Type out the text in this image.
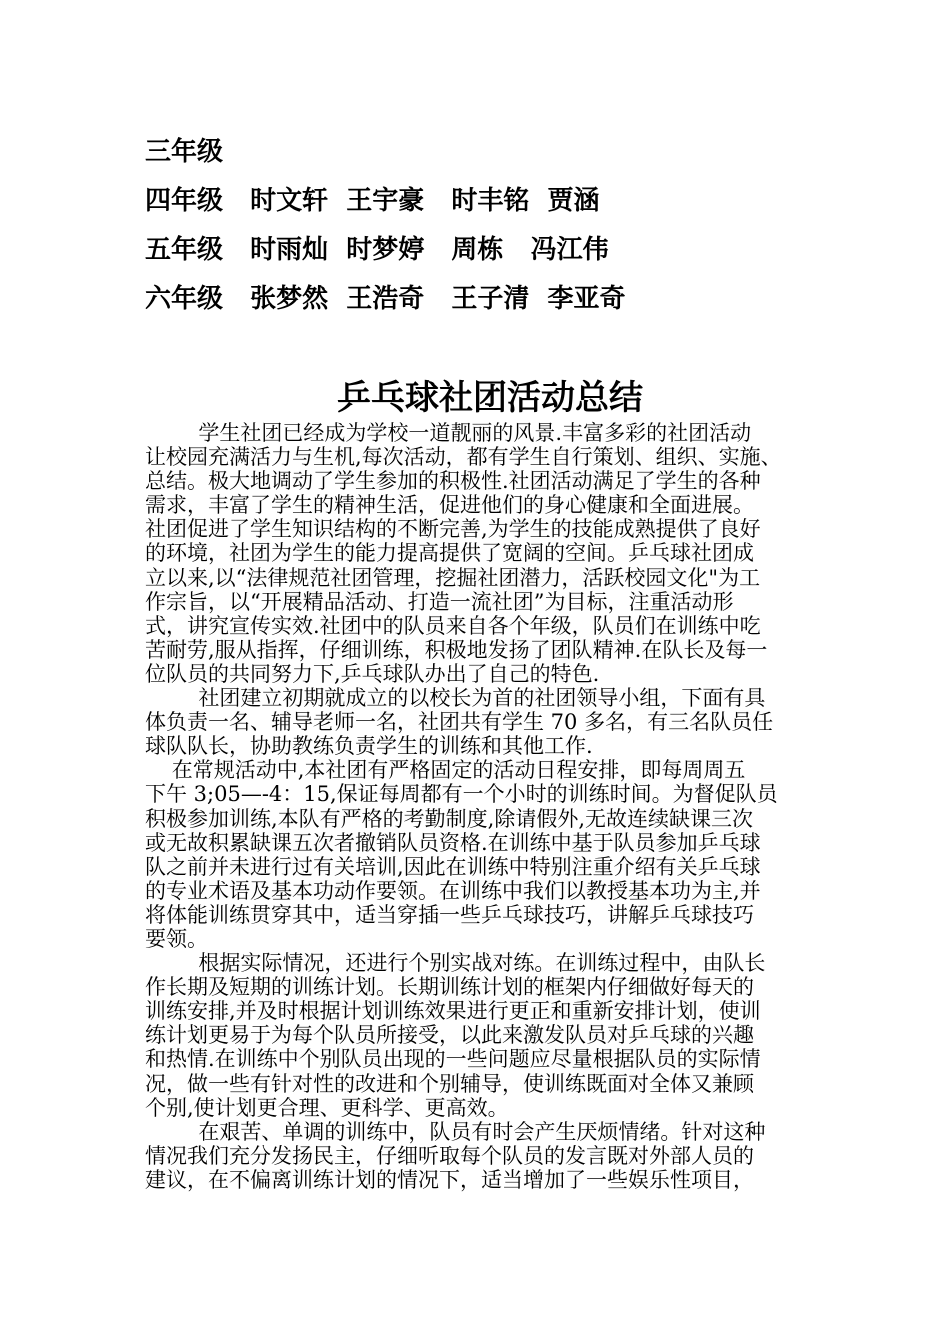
三年级
四年级   时文轩  王宇豪   时丰铭  贾涵
五年级   时雨灿  时梦婷   周栋   冯江伟
六年级   张梦然  王浩奇   王子清  李亚奇
乒乓球社团活动总结
学生社团已经成为学校一道靓丽的风景.丰富多彩的社团活动
让校园充满活力与生机,每次活动，都有学生自行策划、组织、实施、
总结。极大地调动了学生参加的积极性.社团活动满足了学生的各种
需求，丰富了学生的精神生活，促进他们的身心健康和全面进展。
社团促进了学生知识结构的不断完善,为学生的技能成熟提供了良好
的环境，社团为学生的能力提高提供了宽阔的空间。乒乓球社团成
立以来,以“法律规范社团管理，挖掘社团潜力，活跃校园文化"为工
作宗旨，以“开展精品活动、打造一流社团”为目标，注重活动形
式，讲究宣传实效.社团中的队员来自各个年级，队员们在训练中吃
苦耐劳,服从指挥，仔细训练，积极地发扬了团队精神.在队长及每一
位队员的共同努力下,乒乓球队办出了自己的特色.
社团建立初期就成立的以校长为首的社团领导小组，下面有具
体负责一名、辅导老师一名，社团共有学生 70 多名，有三名队员任
球队队长，协助教练负责学生的训练和其他工作.
在常规活动中,本社团有严格固定的活动日程安排，即每周周五
下午 3;05—-4：15,保证每周都有一个小时的训练时间。为督促队员
积极参加训练,本队有严格的考勤制度,除请假外,无故连续缺课三次
或无故积累缺课五次者撤销队员资格.在训练中基于队员参加乒乓球
队之前并未进行过有关培训,因此在训练中特别注重介绍有关乒乓球
的专业术语及基本功动作要领。在训练中我们以教授基本功为主,并
将体能训练贯穿其中，适当穿插一些乒乓球技巧，讲解乒乓球技巧
要领。
根据实际情况，还进行个别实战对练。在训练过程中，由队长
作长期及短期的训练计划。长期训练计划的框架内仔细做好每天的
训练安排,并及时根据计划训练效果进行更正和重新安排计划，使训
练计划更易于为每个队员所接受，以此来激发队员对乒乓球的兴趣
和热情.在训练中个别队员出现的一些问题应尽量根据队员的实际情
况，做一些有针对性的改进和个别辅导，使训练既面对全体又兼顾
个别,使计划更合理、更科学、更高效。
在艰苦、单调的训练中，队员有时会产生厌烦情绪。针对这种
情况我们充分发扬民主，仔细听取每个队员的发言既对外部人员的
建议，在不偏离训练计划的情况下，适当增加了一些娱乐性项目，
